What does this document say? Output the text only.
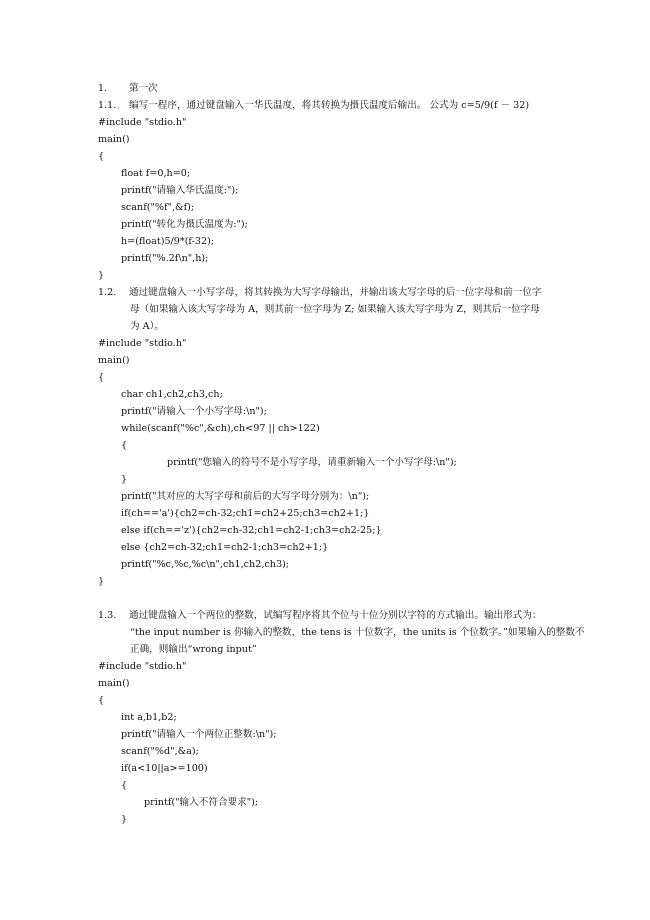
1. 第一次
1.1. 编写一程序，通过键盘输入一华氏温度，将其转换为摄氏温度后输出。 公式为 c=5/9(f － 32)
#include "stdio.h"
main()
{
float f=0,h=0;
printf("请输入华氏温度:");
scanf("%f",&f);
printf("转化为摄氏温度为:");
h=(float)5/9*(f-32);
printf("%.2f\n",h);
}
1.2. 通过键盘输入一小写字母，将其转换为大写字母输出，并输出该大写字母的后一位字母和前一位字
母（如果输入该大写字母为 A，则其前一位字母为 Z; 如果输入该大写字母为 Z，则其后一位字母
为 A）。
#include "stdio.h"
main()
{
char ch1,ch2,ch3,ch;
printf("请输入一个小写字母:\n");
while(scanf("%c",&ch),ch<97 || ch>122)
{
printf("您输入的符号不是小写字母，请重新输入一个小写字母:\n");
}
printf("其对应的大写字母和前后的大写字母分别为：\n");
if(ch=='a'){ch2=ch-32;ch1=ch2+25;ch3=ch2+1;}
else if(ch=='z'){ch2=ch-32;ch1=ch2-1;ch3=ch2-25;}
else {ch2=ch-32;ch1=ch2-1;ch3=ch2+1;}
printf("%c,%c,%c\n",ch1,ch2,ch3);
}
1.3. 通过键盘输入一个两位的整数，试编写程序将其个位与十位分别以字符的方式输出。输出形式为：
“the input number is 你输入的整数，the tens is 十位数字，the units is 个位数字。”如果输入的整数不
正确，则输出“wrong input”
#include "stdio.h"
main()
{
int a,b1,b2;
printf("请输入一个两位正整数:\n");
scanf("%d",&a);
if(a<10||a>=100)
{
printf("输入不符合要求");
}
